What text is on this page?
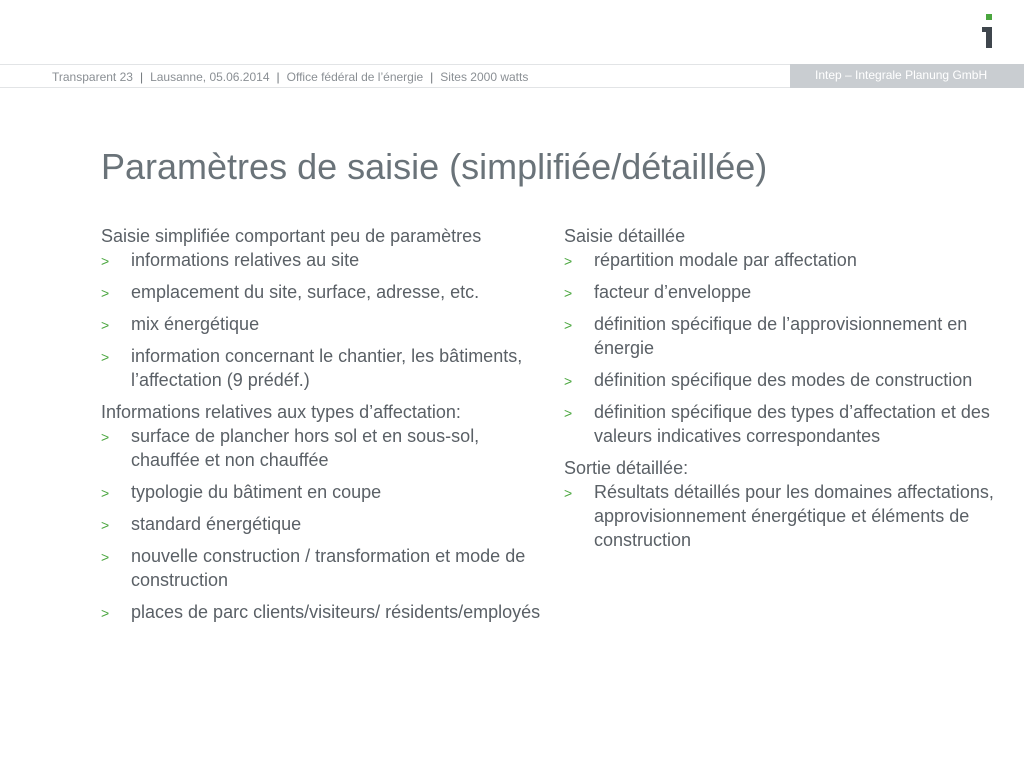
Transparent 23 | Lausanne, 05.06.2014 | Office fédéral de l’énergie | Sites 2000 watts	Intep – Integrale Planung GmbH
Paramètres de saisie (simplifiée/détaillée)
Saisie simplifiée comportant peu de paramètres
> informations relatives au site
> emplacement du site, surface, adresse, etc.
> mix énergétique
> information concernant le chantier, les bâtiments, l’affectation (9 prédéf.)
Informations relatives aux types d’affectation:
> surface de plancher hors sol et en sous-sol, chauffée et non chauffée
> typologie du bâtiment en coupe
> standard énergétique
> nouvelle construction / transformation et mode de construction
> places de parc clients/visiteurs/ résidents/employés
Saisie détaillée
> répartition modale par affectation
> facteur d’enveloppe
> définition spécifique de l’approvisionnement en énergie
> définition spécifique des modes de construction
> définition spécifique des types d’affectation et des valeurs indicatives correspondantes
Sortie détaillée:
> Résultats détaillés pour les domaines affectations, approvisionnement énergétique et éléments de construction
